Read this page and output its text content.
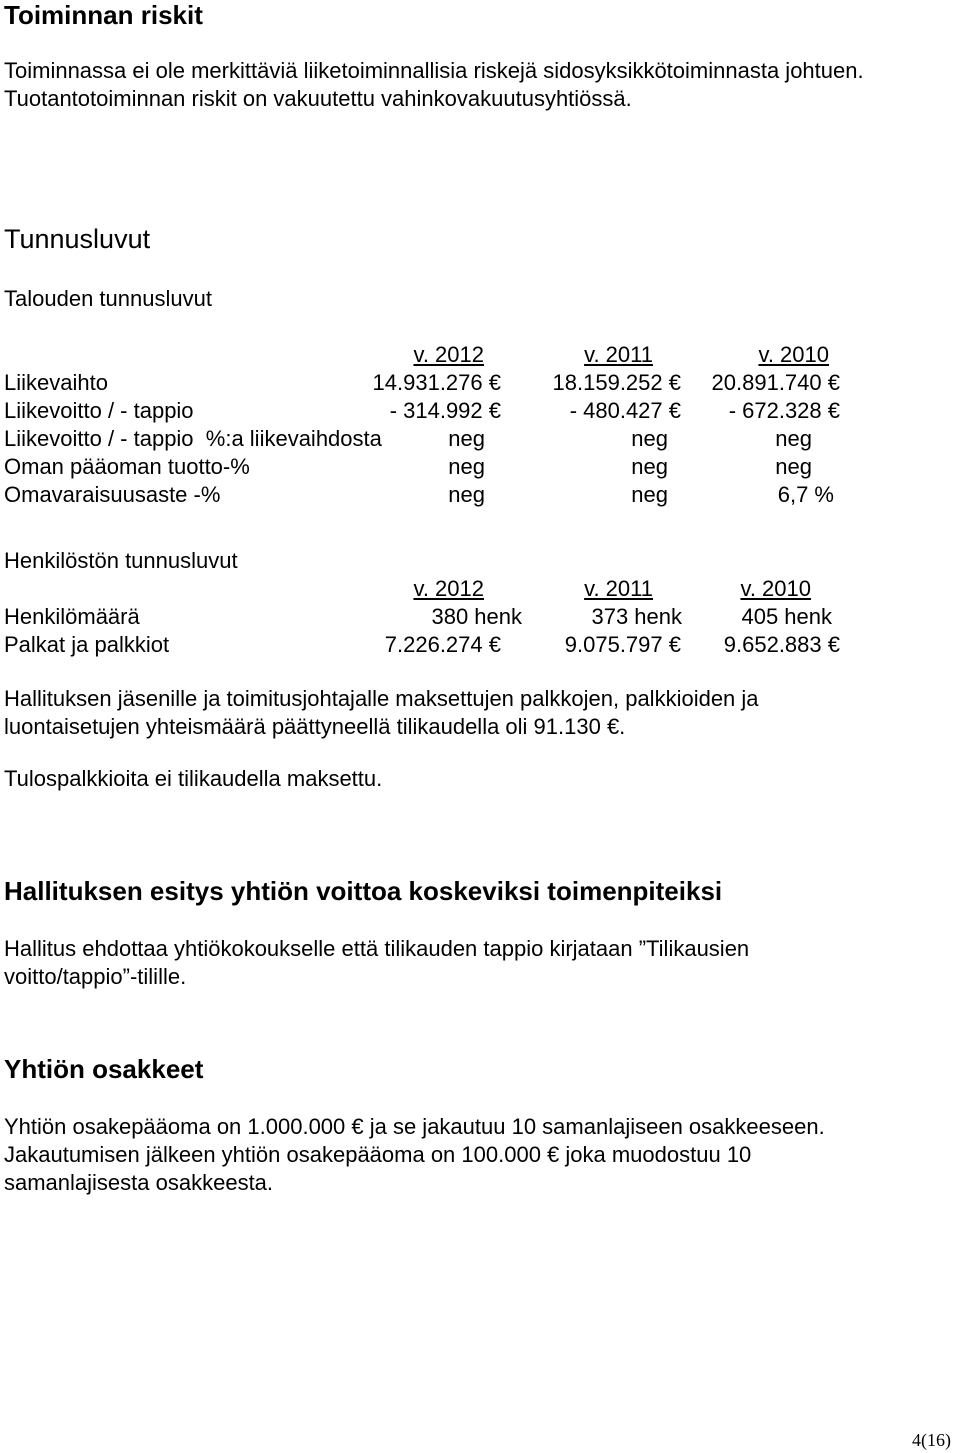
Toiminnan riskit
Toiminnassa ei ole merkittäviä liiketoiminnallisia riskejä sidosyksikkötoiminnasta johtuen.
Tuotantotoiminnan riskit on vakuutettu vahinkovakuutusyhtiössä.
Tunnusluvut
Talouden tunnusluvut
v. 2012	v. 2011	v. 2010
Liikevaihto	14.931.276 €	18.159.252 €	20.891.740 €
Liikevoitto / - tappio	- 314.992 €	- 480.427 €	- 672.328 €
Liikevoitto / - tappio  %:a liikevaihdosta	neg	neg	neg
Oman pääoman tuotto-%	neg	neg	neg
Omavaraisuusaste -%	neg	neg	6,7 %
Henkilöstön tunnusluvut
v. 2012	v. 2011	v. 2010
Henkilömäärä	380 henk	373 henk	405 henk
Palkat ja palkkiot	7.226.274 €	9.075.797 €	9.652.883 €
Hallituksen jäsenille ja toimitusjohtajalle maksettujen palkkojen, palkkioiden ja
luontaisetujen yhteismäärä päättyneellä tilikaudella oli 91.130 €.
Tulospalkkioita ei tilikaudella maksettu.
Hallituksen esitys yhtiön voittoa koskeviksi toimenpiteiksi
Hallitus ehdottaa yhtiökokoukselle että tilikauden tappio kirjataan ”Tilikausien
voitto/tappio”-tilille.
Yhtiön osakkeet
Yhtiön osakepääoma on 1.000.000 € ja se jakautuu 10 samanlajiseen osakkeeseen.
Jakautumisen jälkeen yhtiön osakepääoma on 100.000 € joka muodostuu 10
samanlajisesta osakkeesta.
4(16)
